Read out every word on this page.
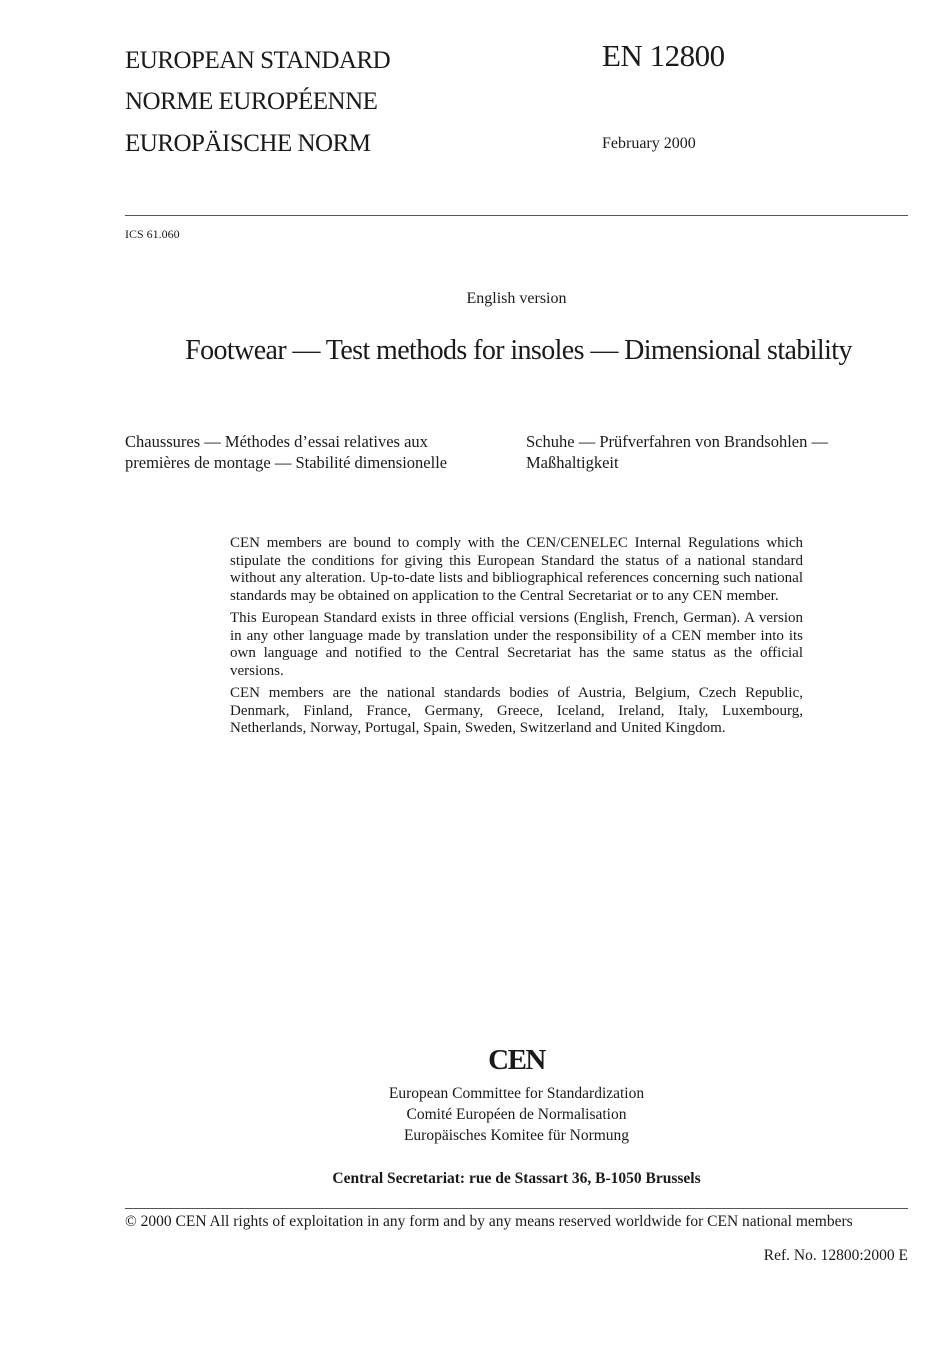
EUROPEAN STANDARD
NORME EUROPÉENNE
EUROPÄISCHE NORM
EN 12800
February 2000
ICS 61.060
English version
Footwear — Test methods for insoles — Dimensional stability
Chaussures — Méthodes d’essai relatives aux premières de montage — Stabilité dimensionelle
Schuhe — Prüfverfahren von Brandsohlen — Maßhaltigkeit

CEN members are bound to comply with the CEN/CENELEC Internal Regulations which stipulate the conditions for giving this European Standard the status of a national standard without any alteration. Up-to-date lists and bibliographical references concerning such national standards may be obtained on application to the Central Secretariat or to any CEN member.

This European Standard exists in three official versions (English, French, German). A version in any other language made by translation under the responsibility of a CEN member into its own language and notified to the Central Secretariat has the same status as the official versions.

CEN members are the national standards bodies of Austria, Belgium, Czech Republic, Denmark, Finland, France, Germany, Greece, Iceland, Ireland, Italy, Luxembourg, Netherlands, Norway, Portugal, Spain, Sweden, Switzerland and United Kingdom.

CEN
European Committee for Standardization
Comité Européen de Normalisation
Europäisches Komitee für Normung
Central Secretariat: rue de Stassart 36, B-1050 Brussels
© 2000 CEN All rights of exploitation in any form and by any means reserved worldwide for CEN national members
Ref. No. 12800:2000 E
